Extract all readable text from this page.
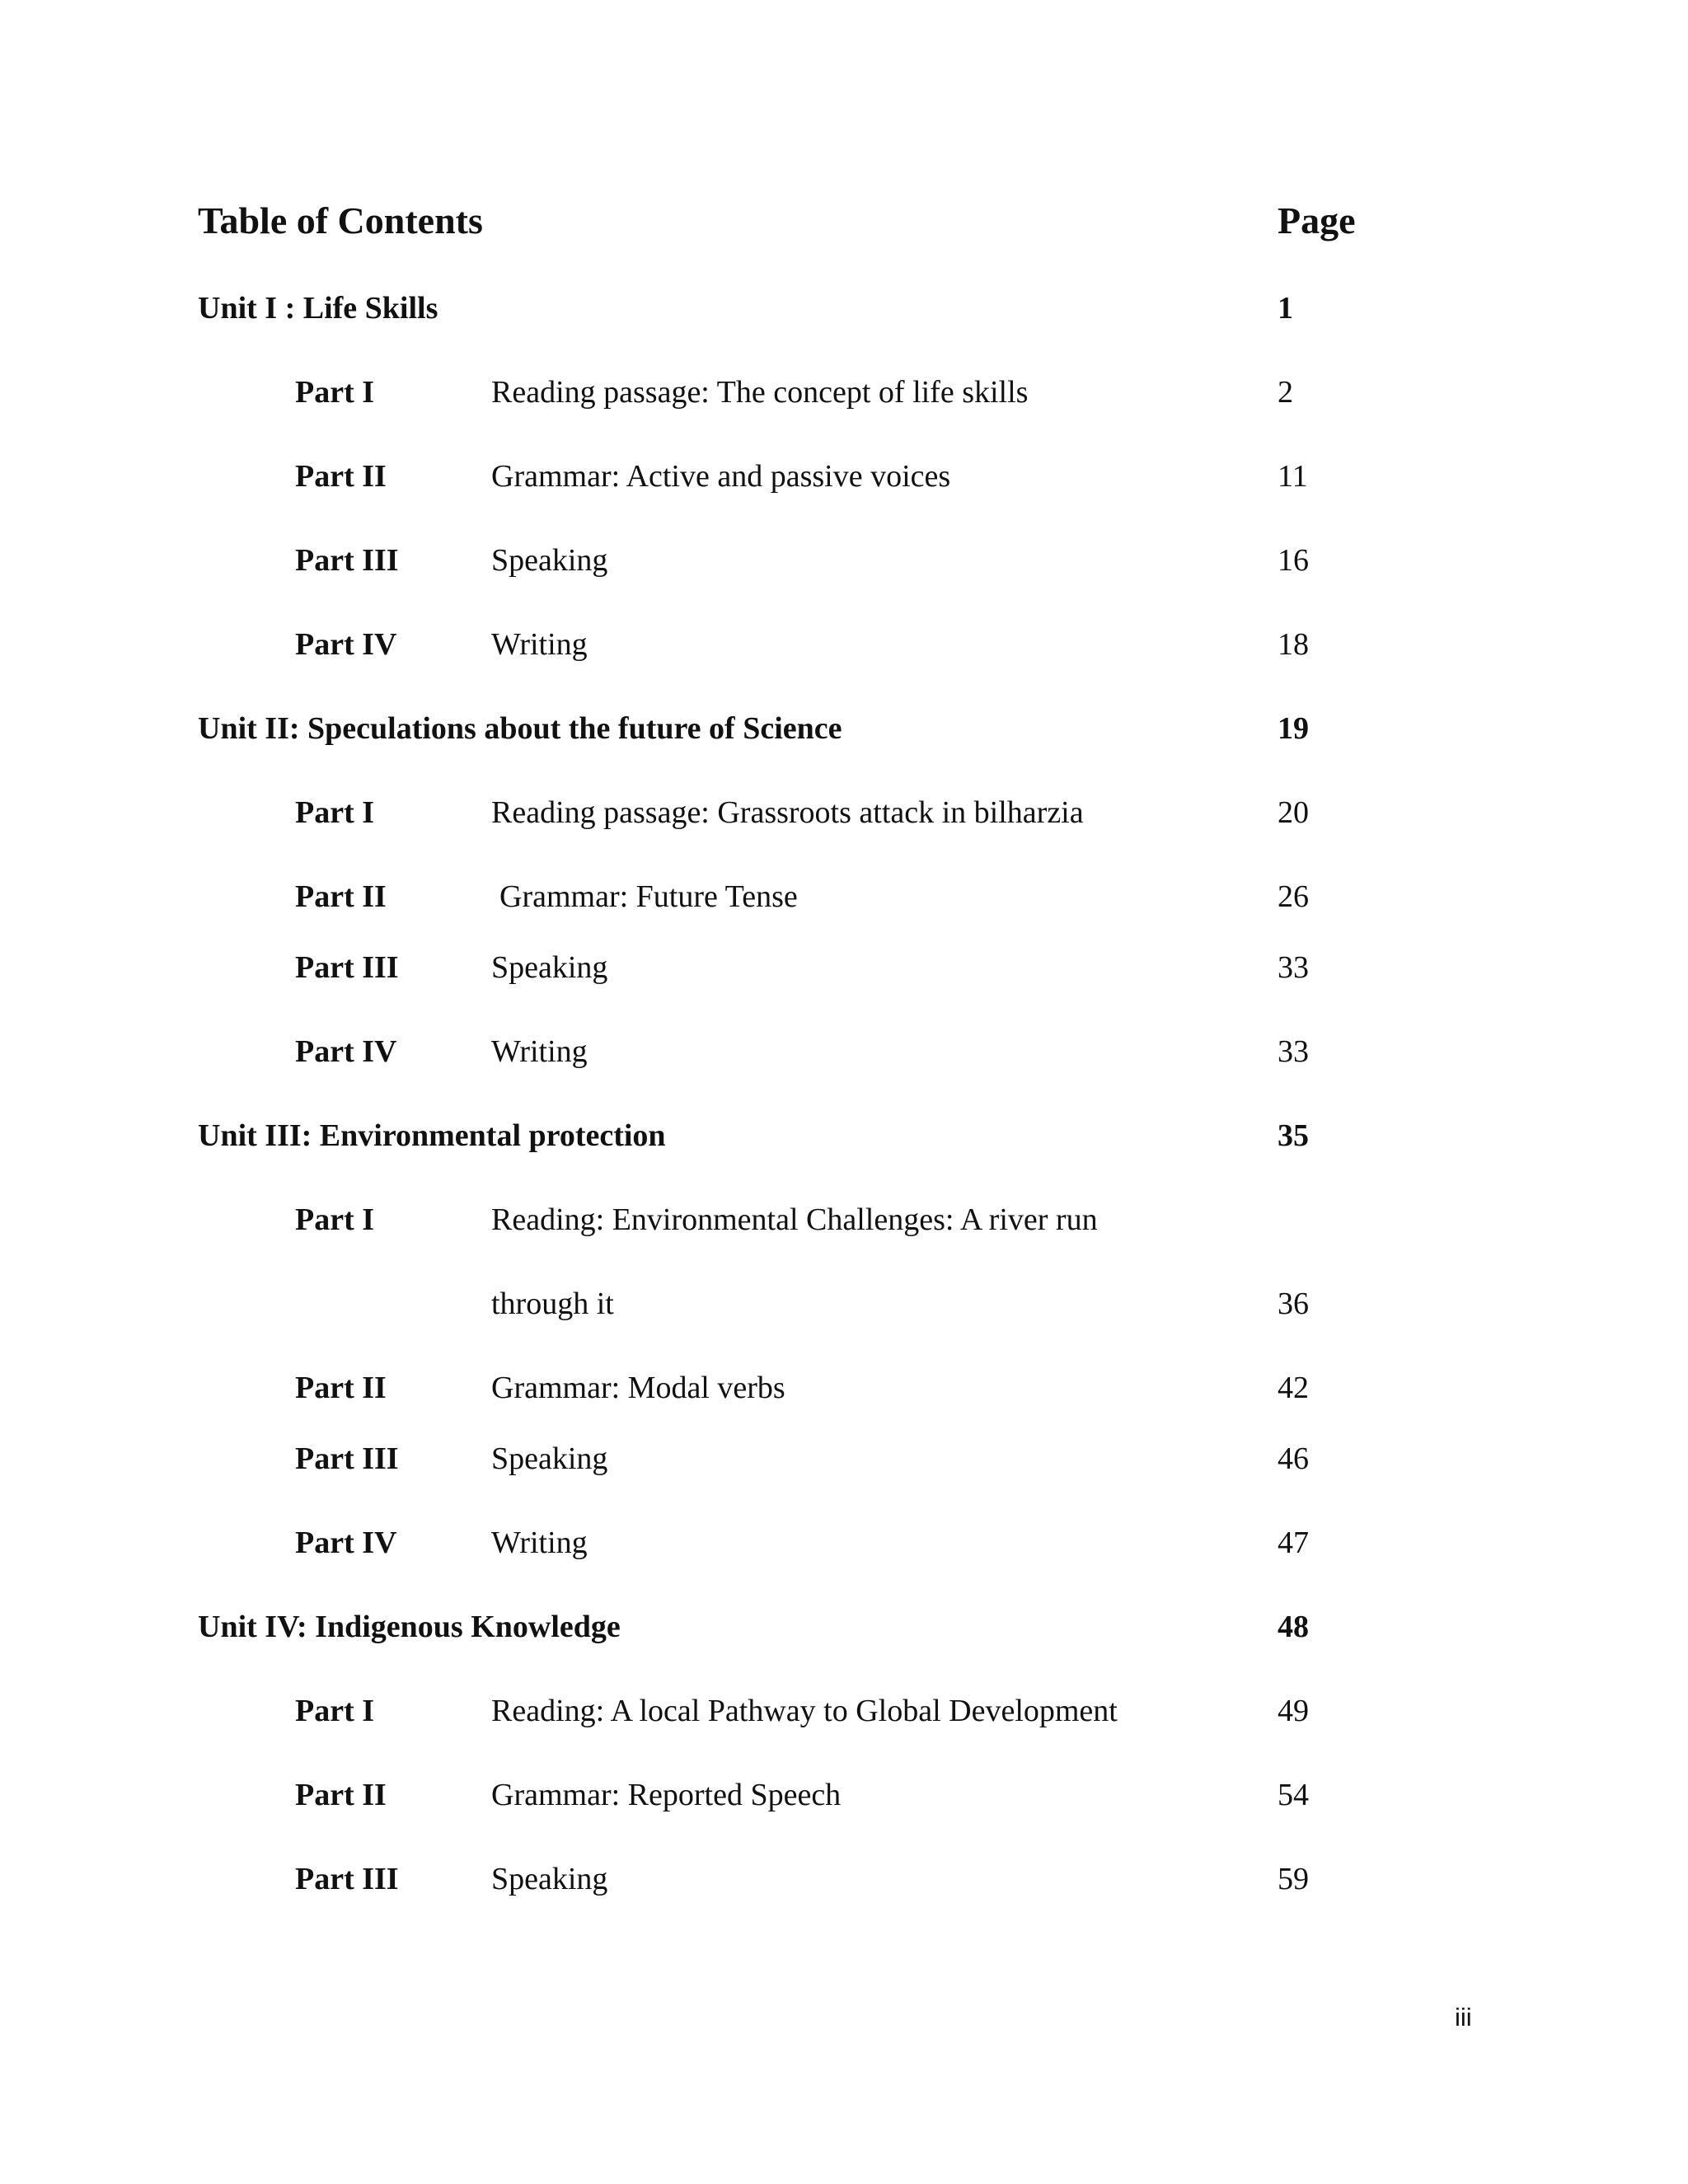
Table of Contents	Page
Unit I : Life Skills	1
Part I	Reading passage: The concept of life skills	2
Part II	Grammar: Active and passive voices	11
Part III	Speaking	16
Part IV	Writing	18
Unit II: Speculations about the future of Science	19
Part I	Reading passage: Grassroots attack in bilharzia	20
Part II	Grammar: Future Tense	26
Part III	Speaking	33
Part IV	Writing	33
Unit III: Environmental protection	35
Part I	Reading: Environmental Challenges: A river run
through it	36
Part II	Grammar: Modal verbs	42
Part III	Speaking	46
Part IV	Writing	47
Unit IV: Indigenous Knowledge	48
Part I	Reading: A local Pathway to Global Development	49
Part II	Grammar: Reported Speech	54
Part III	Speaking	59
iii
